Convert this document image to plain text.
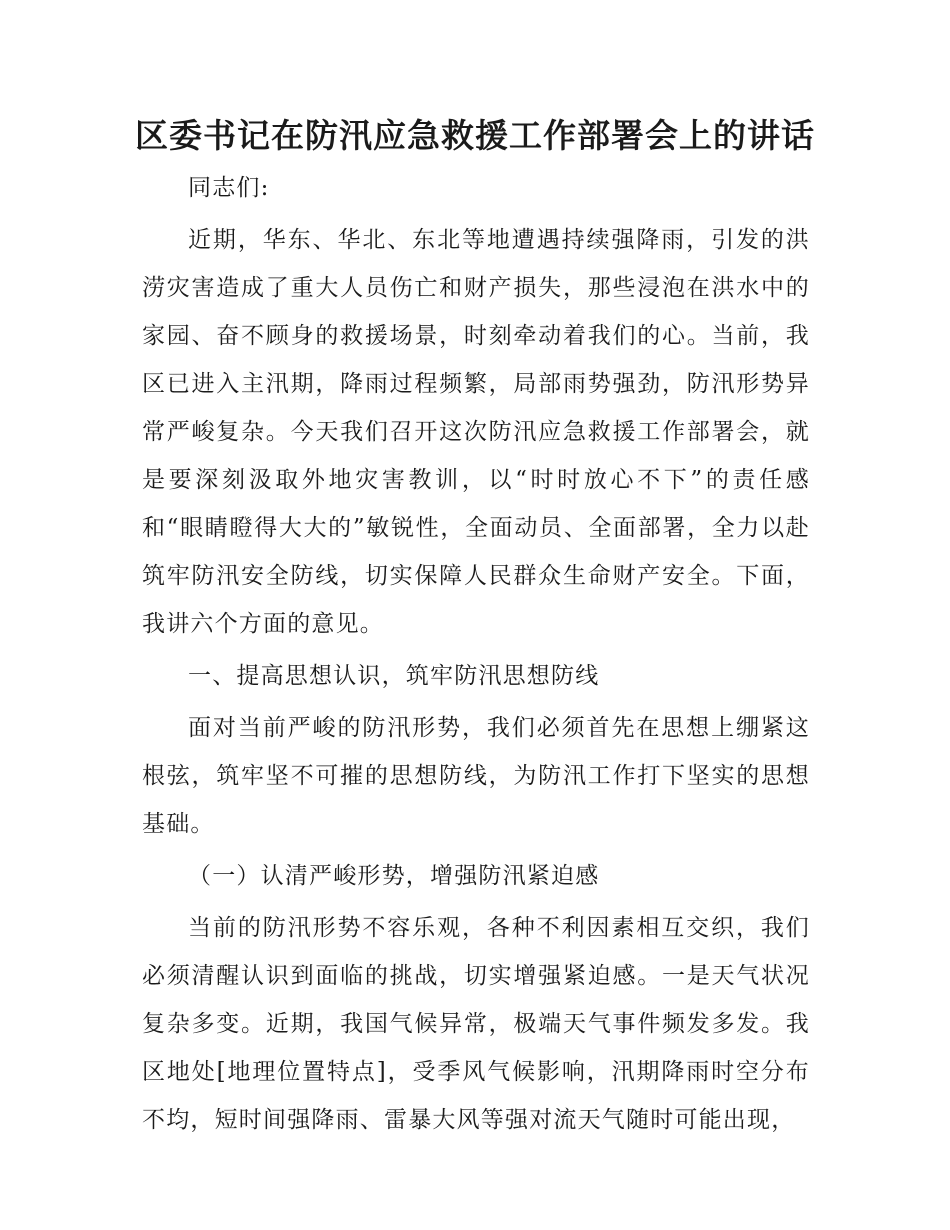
区委书记在防汛应急救援工作部署会上的讲话

同志们:

近期，华东、华北、东北等地遭遇持续强降雨，引发的洪涝灾害造成了重大人员伤亡和财产损失，那些浸泡在洪水中的家园、奋不顾身的救援场景，时刻牵动着我们的心。当前，我区已进入主汛期，降雨过程频繁，局部雨势强劲，防汛形势异常严峻复杂。今天我们召开这次防汛应急救援工作部署会，就是要深刻汲取外地灾害教训，以“时时放心不下”的责任感和“眼睛瞪得大大的”敏锐性，全面动员、全面部署，全力以赴筑牢防汛安全防线，切实保障人民群众生命财产安全。下面，我讲六个方面的意见。

一、提高思想认识，筑牢防汛思想防线

面对当前严峻的防汛形势，我们必须首先在思想上绷紧这根弦，筑牢坚不可摧的思想防线，为防汛工作打下坚实的思想基础。

（一）认清严峻形势，增强防汛紧迫感

当前的防汛形势不容乐观，各种不利因素相互交织，我们必须清醒认识到面临的挑战，切实增强紧迫感。一是天气状况复杂多变。近期，我国气候异常，极端天气事件频发多发。我区地处[地理位置特点]，受季风气候影响，汛期降雨时空分布不均，短时间强降雨、雷暴大风等强对流天气随时可能出现，
